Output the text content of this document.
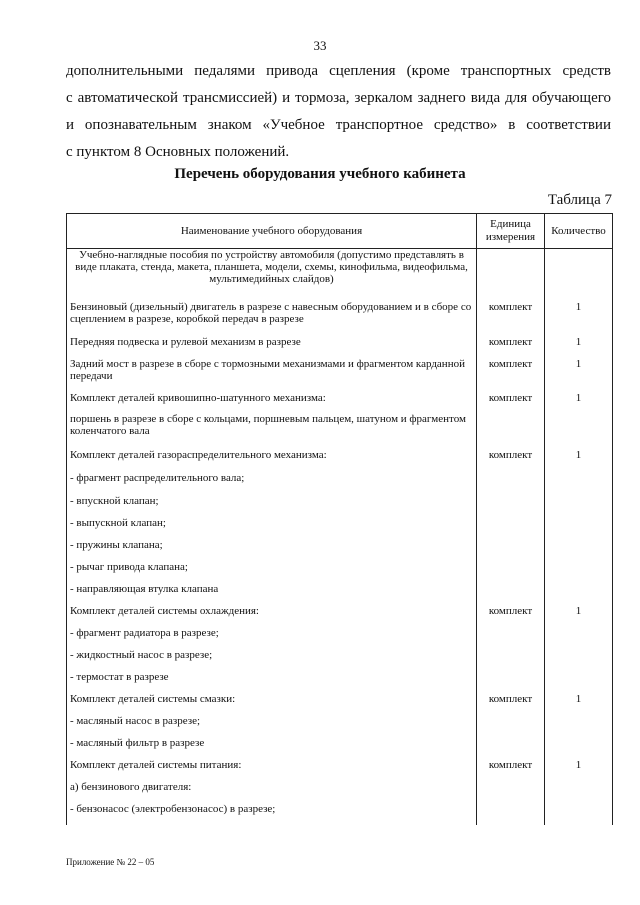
33
дополнительными педалями привода сцепления (кроме транспортных средств
с автоматической трансмиссией) и тормоза, зеркалом заднего вида для обучающего
и опознавательным знаком «Учебное транспортное средство» в соответствии
с пунктом 8 Основных положений.
Перечень оборудования учебного кабинета
Таблица 7
Наименование учебного оборудования	Единица измерения	Количество
Учебно-наглядные пособия по устройству автомобиля (допустимо представлять в виде плаката, стенда, макета, планшета, модели, схемы, кинофильма, видеофильма, мультимедийных слайдов)		
Бензиновый (дизельный) двигатель в разрезе с навесным оборудованием и в сборе со сцеплением в разрезе, коробкой передач в разрезе	комплект	1
Передняя подвеска и рулевой механизм в разрезе	комплект	1
Задний мост в разрезе в сборе с тормозными механизмами и фрагментом карданной передачи	комплект	1
Комплект деталей кривошипно-шатунного механизма:	комплект	1
поршень в разрезе в сборе с кольцами, поршневым пальцем, шатуном и фрагментом коленчатого вала		
Комплект деталей газораспределительного механизма:	комплект	1
- фрагмент распределительного вала;		
- впускной клапан;		
- выпускной клапан;		
- пружины клапана;		
- рычаг привода клапана;		
- направляющая втулка клапана		
Комплект деталей системы охлаждения:	комплект	1
- фрагмент радиатора в разрезе;		
- жидкостный насос в разрезе;		
- термостат в разрезе		
Комплект деталей системы смазки:	комплект	1
- масляный насос в разрезе;		
- масляный фильтр в разрезе		
Комплект деталей системы питания:	комплект	1
а) бензинового двигателя:		
- бензонасос (электробензонасос) в разрезе;		
Приложение № 22 – 05
